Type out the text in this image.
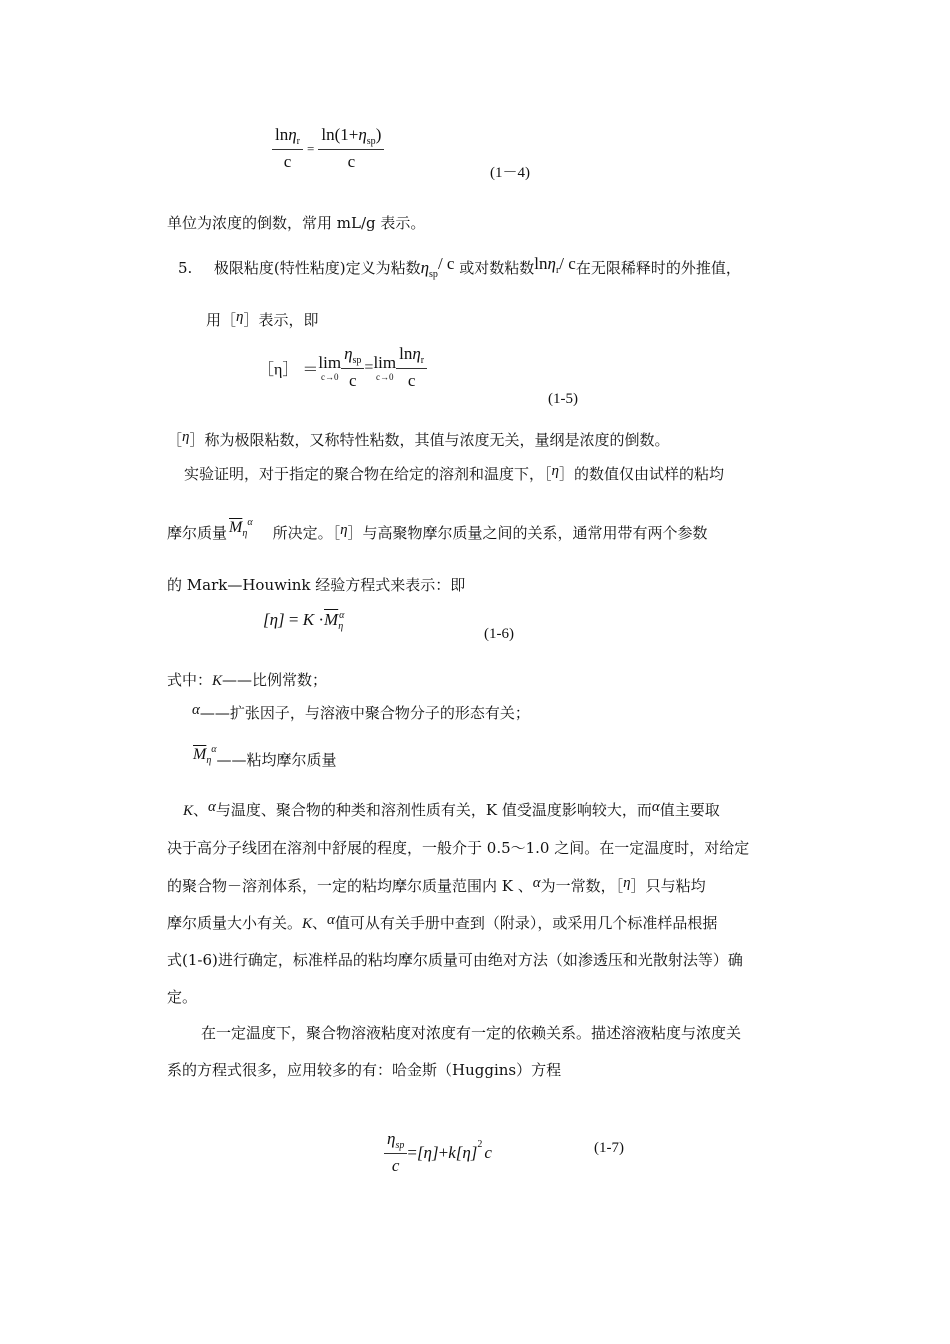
$\frac{\ln\eta_r}{c} = \frac{\ln(1+\eta_{sp})}{c}$	(1－4)
单位为浓度的倒数，常用 mL/g 表示。
5. 极限粘度(特性粘度)定义为粘数$\eta_{sp}/$ c 或对数粘数lnη$_r$/ c在无限稀释时的外推值，
用［η］表示，即
［η］ ＝lim
$c\to 0 \frac{\eta_{sp}}{c} =\lim$
$c\to 0 \frac{\ln\eta_r}{c}$
(1-5)
［η］称为极限粘数，又称特性粘数，其值与浓度无关，量纲是浓度的倒数。
实验证明，对于指定的聚合物在给定的溶剂和温度下，［η］的数值仅由试样的粘均
摩尔质量 $\overline{M}_\eta^\alpha$所决定。［η］与高聚物摩尔质量之间的关系，通常用带有两个参数
的 Mark—Houwink 经验方程式来表示：即
$[\eta] = K \cdot\overline{M}_\eta^\alpha$
(1-6)
式中：K——比例常数；
α——扩张因子，与溶液中聚合物分子的形态有关；
$\overline{M}_\eta^\alpha——$粘均摩尔质量
K、α与温度、聚合物的种类和溶剂性质有关，K 值受温度影响较大，而α值主要取
决于高分子线团在溶剂中舒展的程度，一般介于 0.5～1.0 之间。在一定温度时，对给定
的聚合物－溶剂体系，一定的粘均摩尔质量范围内 K 、α为一常数，［η］只与粘均
摩尔质量大小有关。K、α值可从有关手册中查到（附录），或采用几个标准样品根据
式(1-6)进行确定，标准样品的粘均摩尔质量可由绝对方法（如渗透压和光散射法等）确
定。
在一定温度下，聚合物溶液粘度对浓度有一定的依赖关系。描述溶液粘度与浓度关
系的方程式很多，应用较多的有：哈金斯（Huggins）方程
$\frac{\eta_{sp}}{c} =[\eta]+k[\eta]^2$ c	(1-7)
